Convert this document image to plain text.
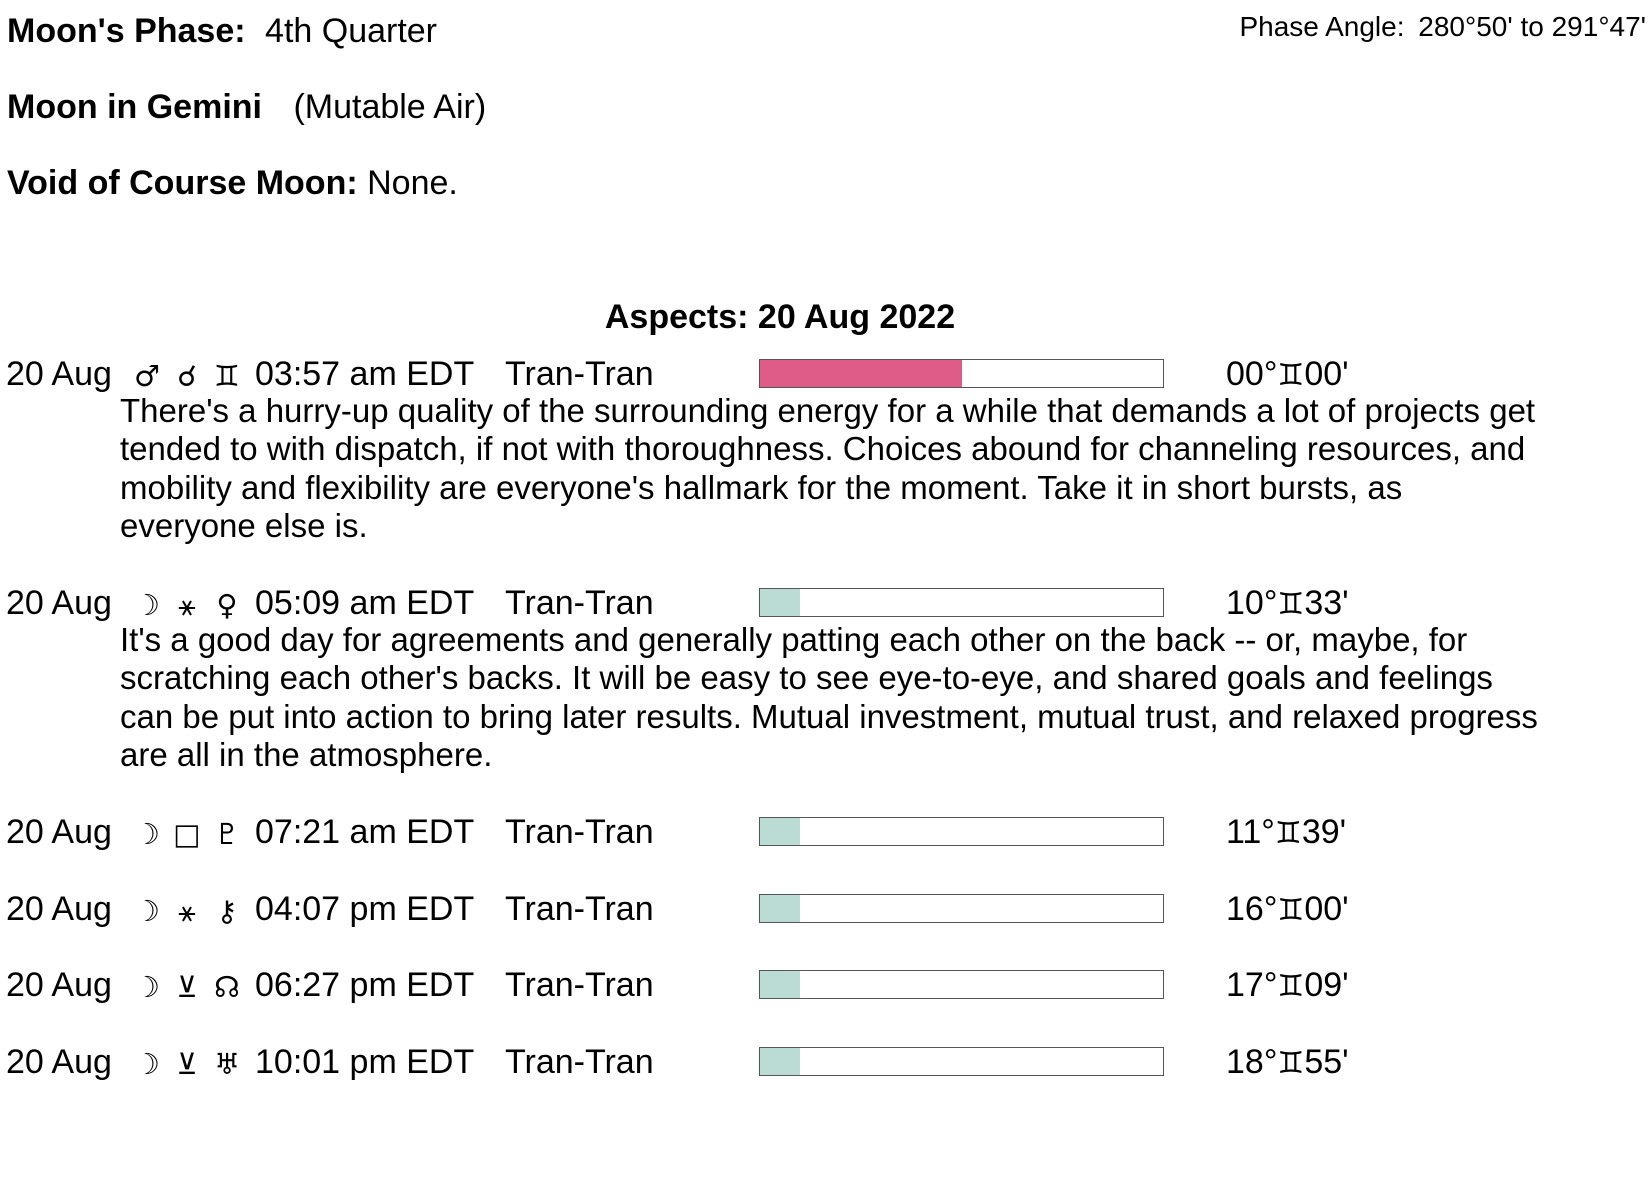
Moon's Phase: 4th Quarter	Phase Angle: 280°50' to 291°47'
Moon in Gemini (Mutable Air)
Void of Course Moon: None.
Aspects: 20 Aug 2022
20 Aug ♂ ☌ ♊ 03:57 am EDT Tran-Tran	00°♊00'
There's a hurry-up quality of the surrounding energy for a while that demands a lot of projects get tended to with dispatch, if not with thoroughness. Choices abound for channeling resources, and mobility and flexibility are everyone's hallmark for the moment. Take it in short bursts, as everyone else is.
20 Aug ☽ ⚹ ♀ 05:09 am EDT Tran-Tran	10°♊33'
It's a good day for agreements and generally patting each other on the back -- or, maybe, for scratching each other's backs. It will be easy to see eye-to-eye, and shared goals and feelings can be put into action to bring later results. Mutual investment, mutual trust, and relaxed progress are all in the atmosphere.
20 Aug ☽ □ ♇ 07:21 am EDT Tran-Tran	11°♊39'
20 Aug ☽ ⚹ ⚷ 04:07 pm EDT Tran-Tran	16°♊00'
20 Aug ☽ ⊻ ☊ 06:27 pm EDT Tran-Tran	17°♊09'
20 Aug ☽ ⊻ ♅ 10:01 pm EDT Tran-Tran	18°♊55'
